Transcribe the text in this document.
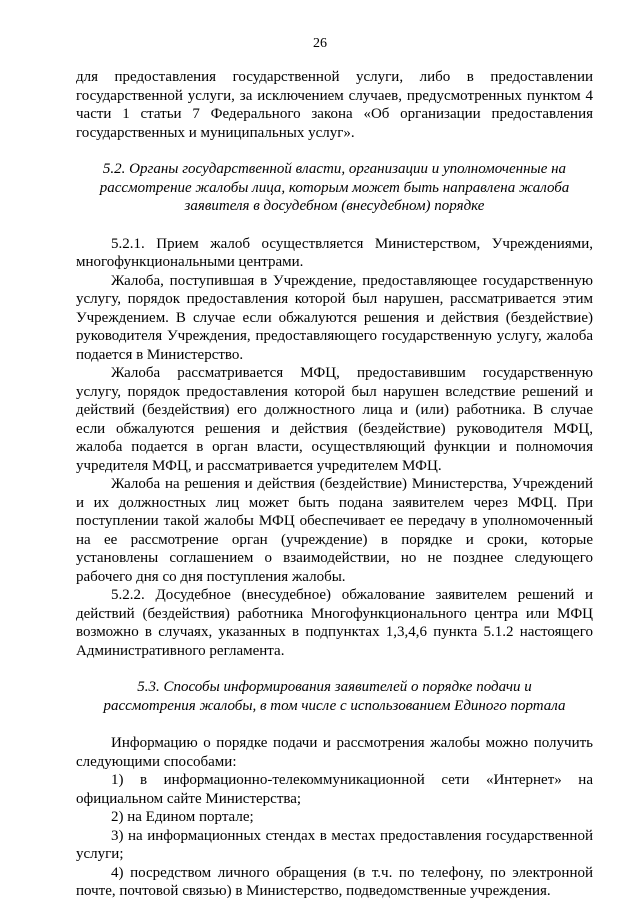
26
для предоставления государственной услуги, либо в предоставлении
государственной услуги, за исключением случаев, предусмотренных пунктом 4
части 1 статьи 7 Федерального закона «Об организации предоставления
государственных и муниципальных услуг».
5.2. Органы государственной власти, организации и уполномоченные на
рассмотрение жалобы лица, которым может быть направлена жалоба
заявителя в досудебном (внесудебном) порядке
5.2.1. Прием жалоб осуществляется Министерством, Учреждениями,
многофункциональными центрами.
Жалоба, поступившая в Учреждение, предоставляющее государственную
услугу, порядок предоставления которой был нарушен, рассматривается этим
Учреждением. В случае если обжалуются решения и действия (бездействие)
руководителя Учреждения, предоставляющего государственную услугу, жалоба
подается в Министерство.
Жалоба рассматривается МФЦ, предоставившим государственную
услугу, порядок предоставления которой был нарушен вследствие решений и
действий (бездействия) его должностного лица и (или) работника. В случае
если обжалуются решения и действия (бездействие) руководителя МФЦ,
жалоба подается в орган власти, осуществляющий функции и полномочия
учредителя МФЦ, и рассматривается учредителем МФЦ.
Жалоба на решения и действия (бездействие) Министерства, Учреждений
и их должностных лиц может быть подана заявителем через МФЦ. При
поступлении такой жалобы МФЦ обеспечивает ее передачу в уполномоченный
на ее рассмотрение орган (учреждение) в порядке и сроки, которые
установлены соглашением о взаимодействии, но не позднее следующего
рабочего дня со дня поступления жалобы.
5.2.2. Досудебное (внесудебное) обжалование заявителем решений и
действий (бездействия) работника Многофункционального центра или МФЦ
возможно в случаях, указанных в подпунктах 1,3,4,6 пункта 5.1.2 настоящего
Административного регламента.
5.3. Способы информирования заявителей о порядке подачи и
рассмотрения жалобы, в том числе с использованием Единого портала
Информацию о порядке подачи и рассмотрения жалобы можно получить
следующими способами:
1) в информационно-телекоммуникационной сети «Интернет» на
официальном сайте Министерства;
2) на Едином портале;
3) на информационных стендах в местах предоставления государственной
услуги;
4) посредством личного обращения (в т.ч. по телефону, по электронной
почте, почтовой связью) в Министерство, подведомственные учреждения.
